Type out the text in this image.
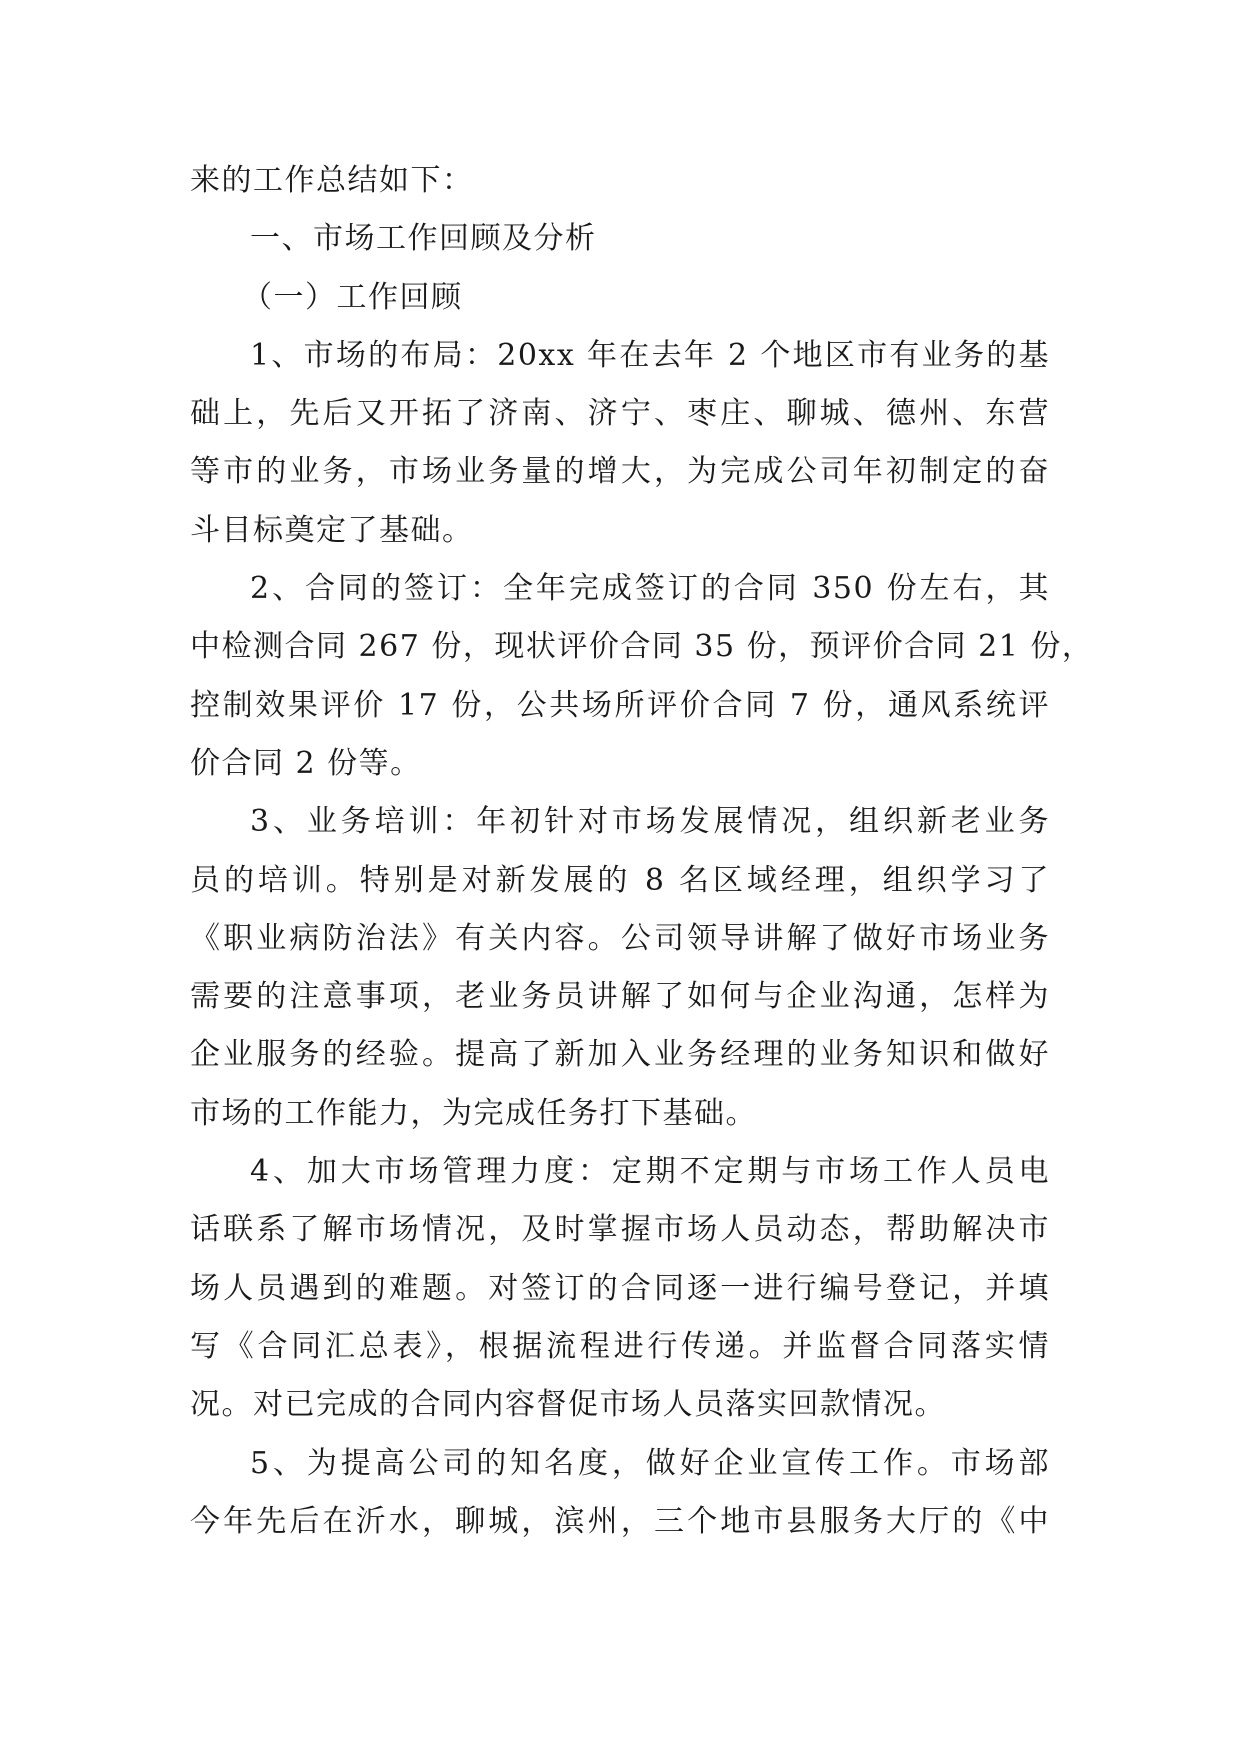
来的工作总结如下：
一、市场工作回顾及分析
（一）工作回顾
1、市场的布局：20xx 年在去年 2 个地区市有业务的基
础上，先后又开拓了济南、济宁、枣庄、聊城、德州、东营
等市的业务，市场业务量的增大，为完成公司年初制定的奋
斗目标奠定了基础。
2、合同的签订：全年完成签订的合同 350 份左右，其
中检测合同 267 份，现状评价合同 35 份，预评价合同 21 份，
控制效果评价 17 份，公共场所评价合同 7 份，通风系统评
价合同 2 份等。
3、业务培训：年初针对市场发展情况，组织新老业务
员的培训。特别是对新发展的 8 名区域经理，组织学习了
《职业病防治法》有关内容。公司领导讲解了做好市场业务
需要的注意事项，老业务员讲解了如何与企业沟通，怎样为
企业服务的经验。提高了新加入业务经理的业务知识和做好
市场的工作能力，为完成任务打下基础。
4、加大市场管理力度：定期不定期与市场工作人员电
话联系了解市场情况，及时掌握市场人员动态，帮助解决市
场人员遇到的难题。对签订的合同逐一进行编号登记，并填
写《合同汇总表》，根据流程进行传递。并监督合同落实情
况。对已完成的合同内容督促市场人员落实回款情况。
5、为提高公司的知名度，做好企业宣传工作。市场部
今年先后在沂水，聊城，滨州，三个地市县服务大厅的《中
